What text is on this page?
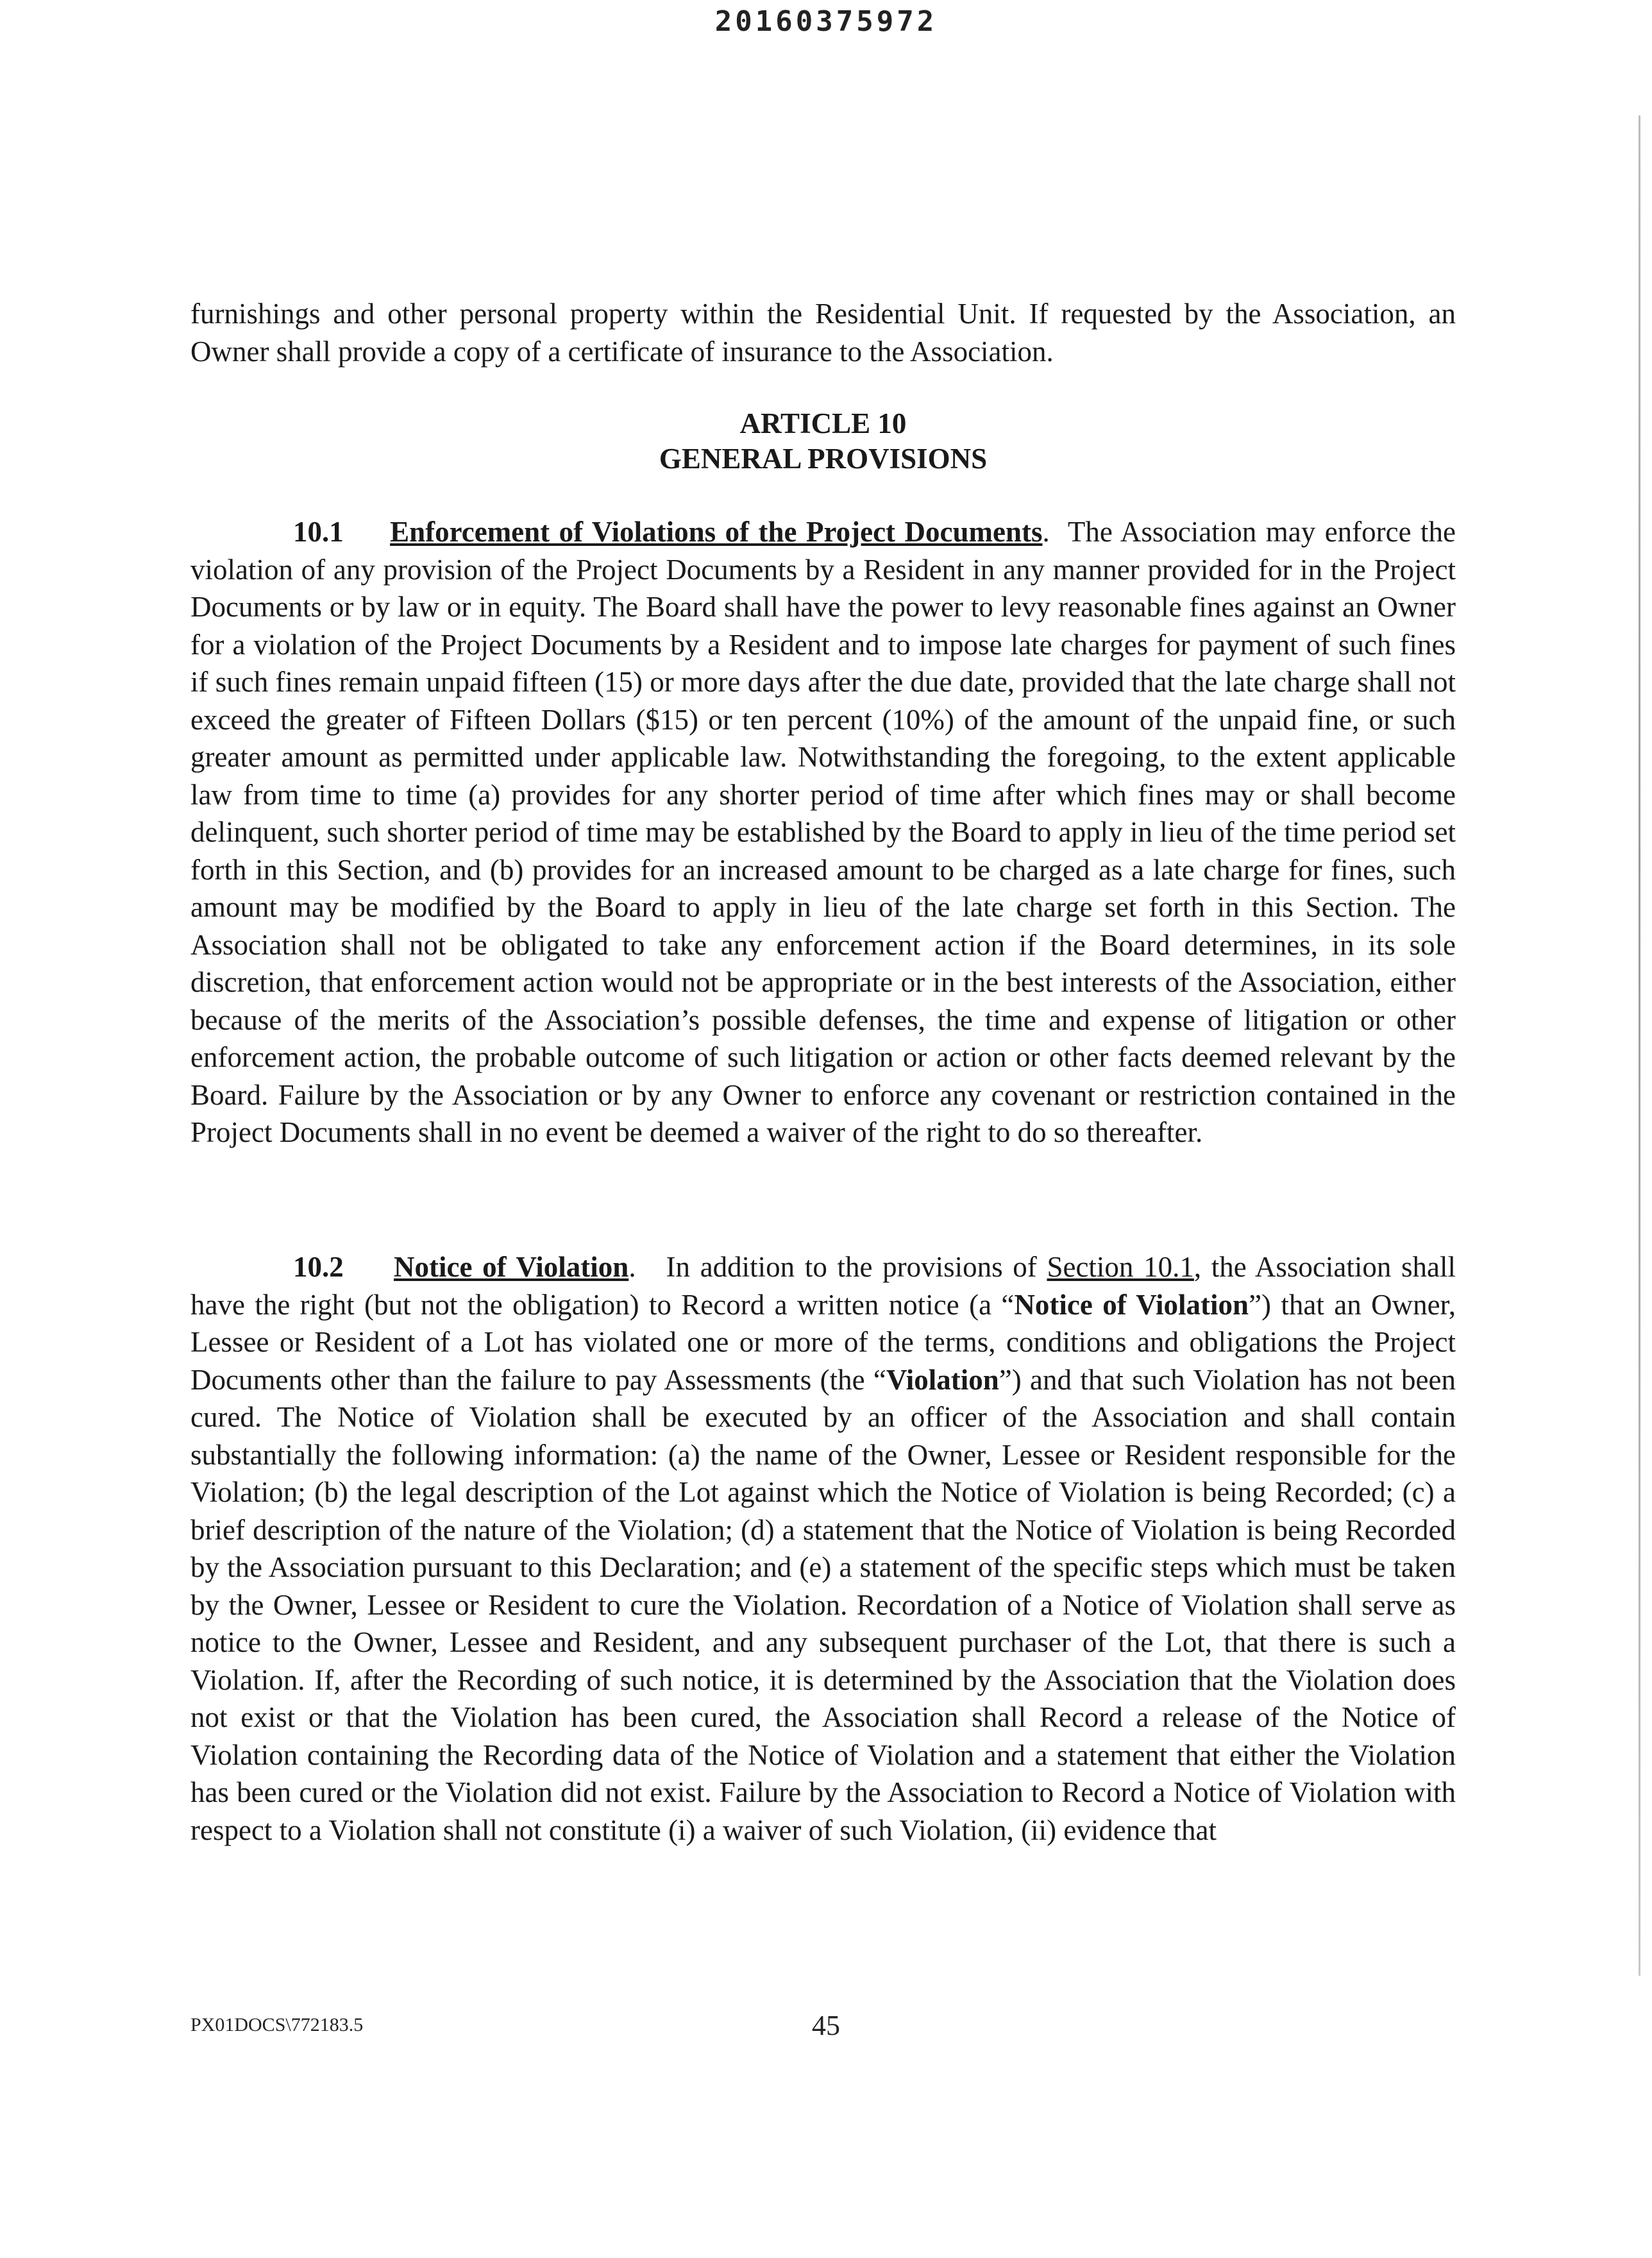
20160375972

furnishings and other personal property within the Residential Unit. If requested by the Association, an Owner shall provide a copy of a certificate of insurance to the Association.

ARTICLE 10
GENERAL PROVISIONS

10.1 Enforcement of Violations of the Project Documents.  The Association may enforce the violation of any provision of the Project Documents by a Resident in any manner provided for in the Project Documents or by law or in equity. The Board shall have the power to levy reasonable fines against an Owner for a violation of the Project Documents by a Resident and to impose late charges for payment of such fines if such fines remain unpaid fifteen (15) or more days after the due date, provided that the late charge shall not exceed the greater of Fifteen Dollars ($15) or ten percent (10%) of the amount of the unpaid fine, or such greater amount as permitted under applicable law. Notwithstanding the foregoing, to the extent applicable law from time to time (a) provides for any shorter period of time after which fines may or shall become delinquent, such shorter period of time may be established by the Board to apply in lieu of the time period set forth in this Section, and (b) provides for an increased amount to be charged as a late charge for fines, such amount may be modified by the Board to apply in lieu of the late charge set forth in this Section. The Association shall not be obligated to take any enforcement action if the Board determines, in its sole discretion, that enforcement action would not be appropriate or in the best interests of the Association, either because of the merits of the Association’s possible defenses, the time and expense of litigation or other enforcement action, the probable outcome of such litigation or action or other facts deemed relevant by the Board. Failure by the Association or by any Owner to enforce any covenant or restriction contained in the Project Documents shall in no event be deemed a waiver of the right to do so thereafter.

10.2 Notice of Violation.   In addition to the provisions of Section 10.1, the Association shall have the right (but not the obligation) to Record a written notice (a “Notice of Violation”) that an Owner, Lessee or Resident of a Lot has violated one or more of the terms, conditions and obligations the Project Documents other than the failure to pay Assessments (the “Violation”) and that such Violation has not been cured. The Notice of Violation shall be executed by an officer of the Association and shall contain substantially the following information: (a) the name of the Owner, Lessee or Resident responsible for the Violation; (b) the legal description of the Lot against which the Notice of Violation is being Recorded; (c) a brief description of the nature of the Violation; (d) a statement that the Notice of Violation is being Recorded by the Association pursuant to this Declaration; and (e) a statement of the specific steps which must be taken by the Owner, Lessee or Resident to cure the Violation. Recordation of a Notice of Violation shall serve as notice to the Owner, Lessee and Resident, and any subsequent purchaser of the Lot, that there is such a Violation. If, after the Recording of such notice, it is determined by the Association that the Violation does not exist or that the Violation has been cured, the Association shall Record a release of the Notice of Violation containing the Recording data of the Notice of Violation and a statement that either the Violation has been cured or the Violation did not exist. Failure by the Association to Record a Notice of Violation with respect to a Violation shall not constitute (i) a waiver of such Violation, (ii) evidence that

PX01DOCS\772183.5	45
